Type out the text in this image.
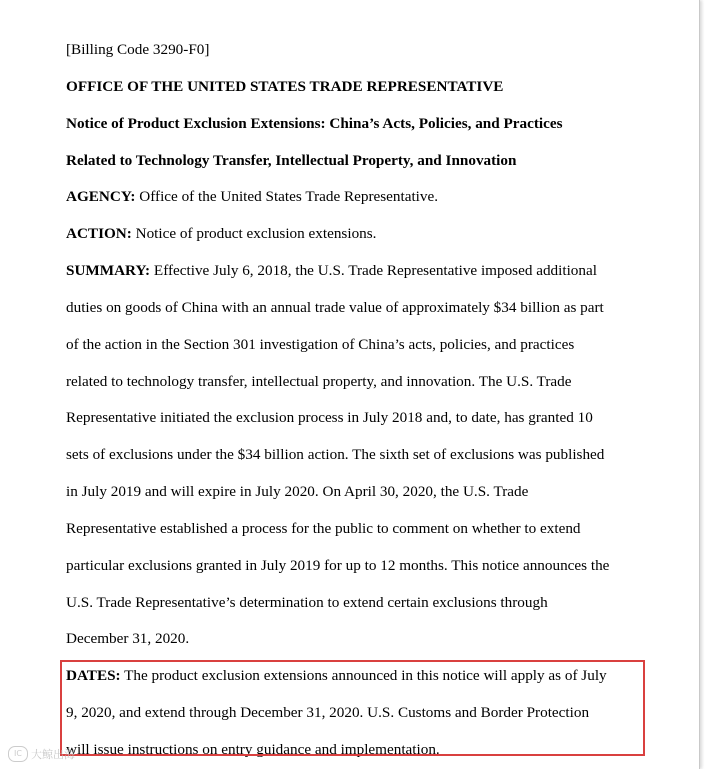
[Billing Code 3290-F0]
OFFICE OF THE UNITED STATES TRADE REPRESENTATIVE
Notice of Product Exclusion Extensions: China’s Acts, Policies, and Practices
Related to Technology Transfer, Intellectual Property, and Innovation
AGENCY: Office of the United States Trade Representative.
ACTION: Notice of product exclusion extensions.
SUMMARY: Effective July 6, 2018, the U.S. Trade Representative imposed additional
duties on goods of China with an annual trade value of approximately $34 billion as part
of the action in the Section 301 investigation of China’s acts, policies, and practices
related to technology transfer, intellectual property, and innovation. The U.S. Trade
Representative initiated the exclusion process in July 2018 and, to date, has granted 10
sets of exclusions under the $34 billion action. The sixth set of exclusions was published
in July 2019 and will expire in July 2020. On April 30, 2020, the U.S. Trade
Representative established a process for the public to comment on whether to extend
particular exclusions granted in July 2019 for up to 12 months. This notice announces the
U.S. Trade Representative’s determination to extend certain exclusions through
December 31, 2020.
DATES: The product exclusion extensions announced in this notice will apply as of July
9, 2020, and extend through December 31, 2020. U.S. Customs and Border Protection
will issue instructions on entry guidance and implementation.
IC 大鲸出海
